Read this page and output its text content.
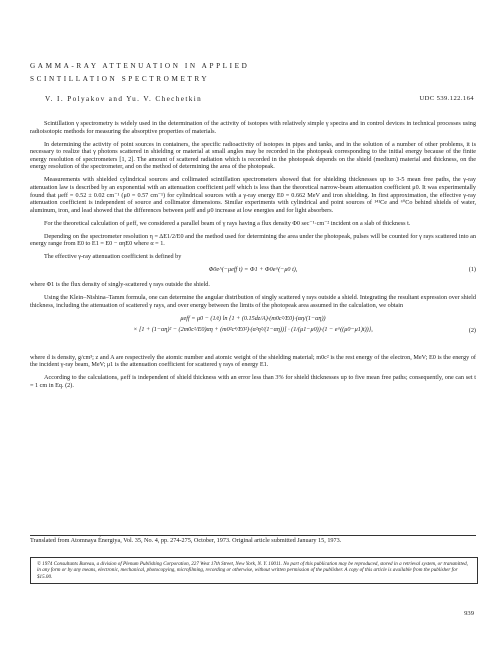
GAMMA-RAY ATTENUATION IN APPLIED
SCINTILLATION SPECTROMETRY
V. I. Polyakov and Yu. V. Chechetkin	UDC 539.122.164

Scintillation γ spectrometry is widely used in the determination of the activity of isotopes with relatively simple γ spectra and in control devices in technical processes using radioisotopic methods for measuring the absorptive properties of materials.

In determining the activity of point sources in containers, the specific radioactivity of isotopes in pipes and tanks, and in the solution of a number of other problems, it is necessary to realize that γ photons scattered in shielding or material at small angles may be recorded in the photopeak corresponding to the initial energy because of the finite energy resolution of spectrometers [1, 2]. The amount of scattered radiation which is recorded in the photopeak depends on the shield (medium) material and thickness, on the energy resolution of the spectrometer, and on the method of determining the area of the photopeak.

Measurements with shielded cylindrical sources and collimated scintillation spectrometers showed that for shielding thicknesses up to 3-5 mean free paths, the γ-ray attenuation law is described by an exponential with an attenuation coefficient μeff which is less than the theoretical narrow-beam attenuation coefficient μ0. It was experimentally found that μeff = 0.52 ± 0.02 cm⁻¹ (μ0 = 0.57 cm⁻¹) for cylindrical sources with a γ-ray energy E0 = 0.662 MeV and iron shielding. In first approximation, the effective γ-ray attenuation coefficient is independent of source and collimator dimensions. Similar experiments with cylindrical and point sources of ¹⁴¹Ce and ⁶⁰Co behind shields of water, aluminum, iron, and lead showed that the differences between μeff and μ0 increase at low energies and for light absorbers.

For the theoretical calculation of μeff, we considered a parallel beam of γ rays having a flux density Φ0 sec⁻¹·cm⁻² incident on a slab of thickness t.

Depending on the spectrometer resolution η = ΔE1/2/E0 and the method used for determining the area under the photopeak, pulses will be counted for γ rays scattered into an energy range from E0 to E1 = E0 − αηE0 where α = 1.

The effective γ-ray attenuation coefficient is defined by

Φ0e^(−μeff t) = Φ1 + Φ0e^(−μ0 t),	(1)

where Φ1 is the flux density of singly-scattered γ rays outside the shield.

Using the Klein–Nishina–Tamm formula, one can determine the angular distribution of singly scattered γ rays outside a shield. Integrating the resultant expression over shield thickness, including the attenuation of scattered γ rays, and over energy between the limits of the photopeak area assumed in the calculation, we obtain

μeff = μ0 − (1/t) ln {1 + (0.15dz/A)·(m0c²/E0)·(αη/(1−αη))
× [1 + (1−αη)² − (2m0c²/E0)αη + (m0²c⁴/E0²)·(α²η²/(1−αη))] · (1/(μ1−μ0))·(1 − e^((μ0−μ1)t))},	(2)

where d is density, g/cm³; z and A are respectively the atomic number and atomic weight of the shielding material; m0c² is the rest energy of the electron, MeV; E0 is the energy of the incident γ-ray beam, MeV; μ1 is the attenuation coefficient for scattered γ rays of energy E1.

According to the calculations, μeff is independent of shield thickness with an error less than 3% for shield thicknesses up to five mean free paths; consequently, one can set t = 1 cm in Eq. (2).

Translated from Atomnaya Énergiya, Vol. 35, No. 4, pp. 274-275, October, 1973. Original article submitted January 15, 1973.
© 1974 Consultants Bureau, a division of Plenum Publishing Corporation, 227 West 17th Street, New York, N. Y. 10011. No part of this publication may be reproduced, stored in a retrieval system, or transmitted, in any form or by any means, electronic, mechanical, photocopying, microfilming, recording or otherwise, without written permission of the publisher. A copy of this article is available from the publisher for $15.00.
939
